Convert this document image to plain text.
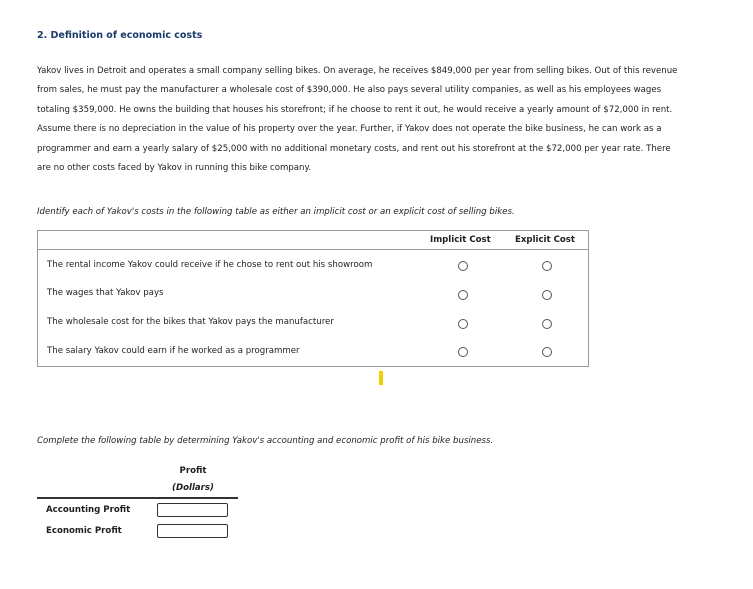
2. Definition of economic costs
Yakov lives in Detroit and operates a small company selling bikes. On average, he receives $849,000 per year from selling bikes. Out of this revenue
from sales, he must pay the manufacturer a wholesale cost of $390,000. He also pays several utility companies, as well as his employees wages
totaling $359,000. He owns the building that houses his storefront; if he choose to rent it out, he would receive a yearly amount of $72,000 in rent.
Assume there is no depreciation in the value of his property over the year. Further, if Yakov does not operate the bike business, he can work as a
programmer and earn a yearly salary of $25,000 with no additional monetary costs, and rent out his storefront at the $72,000 per year rate. There
are no other costs faced by Yakov in running this bike company.
Identify each of Yakov's costs in the following table as either an implicit cost or an explicit cost of selling bikes.
Implicit Cost	Explicit Cost
The rental income Yakov could receive if he chose to rent out his showroom
The wages that Yakov pays
The wholesale cost for the bikes that Yakov pays the manufacturer
The salary Yakov could earn if he worked as a programmer
Complete the following table by determining Yakov's accounting and economic profit of his bike business.
Profit
(Dollars)
Accounting Profit
Economic Profit
